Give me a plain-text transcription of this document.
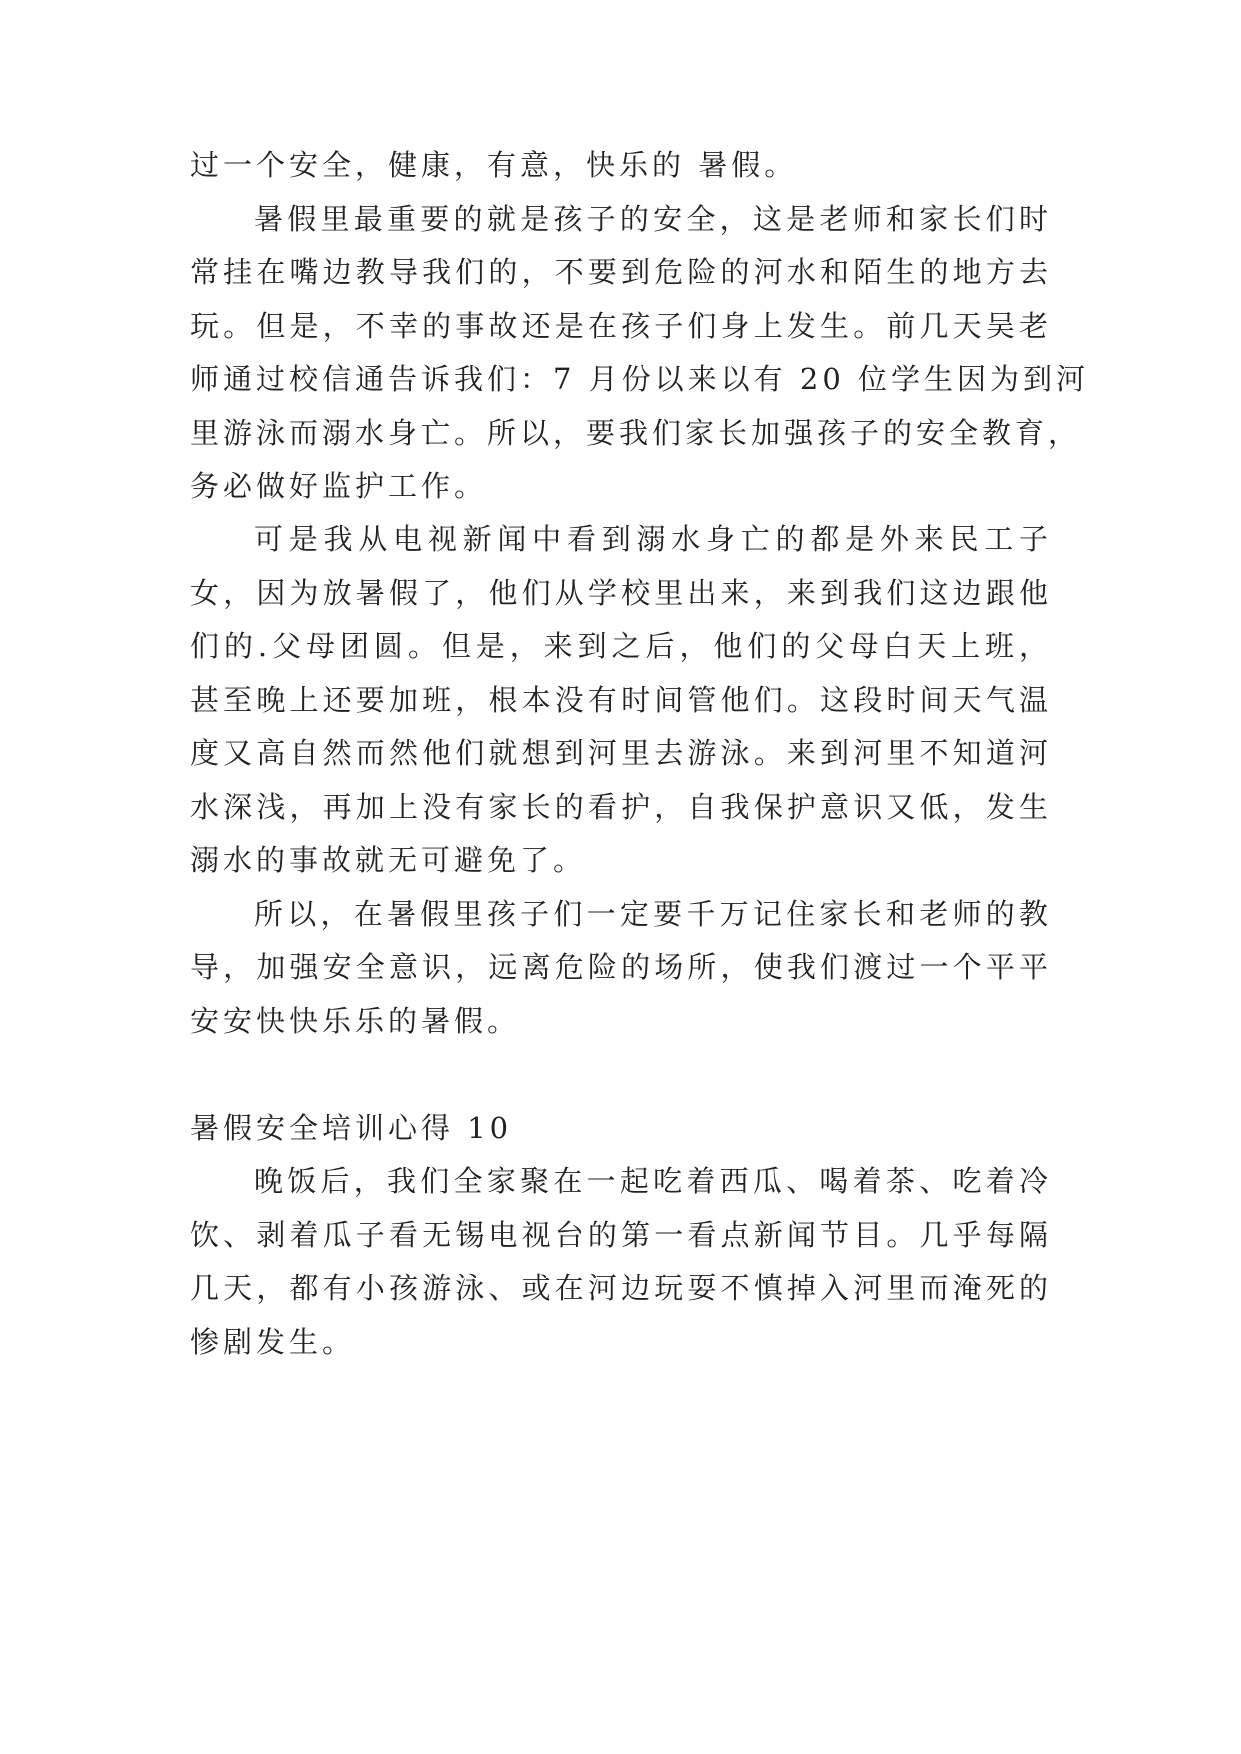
过一个安全，健康，有意，快乐的 暑假。
暑假里最重要的就是孩子的安全，这是老师和家长们时
常挂在嘴边教导我们的，不要到危险的河水和陌生的地方去
玩。但是，不幸的事故还是在孩子们身上发生。前几天吴老
师通过校信通告诉我们：7 月份以来以有 20 位学生因为到河
里游泳而溺水身亡。所以，要我们家长加强孩子的安全教育，
务必做好监护工作。
可是我从电视新闻中看到溺水身亡的都是外来民工子
女，因为放暑假了，他们从学校里出来，来到我们这边跟他
们的.父母团圆。但是，来到之后，他们的父母白天上班，
甚至晚上还要加班，根本没有时间管他们。这段时间天气温
度又高自然而然他们就想到河里去游泳。来到河里不知道河
水深浅，再加上没有家长的看护，自我保护意识又低，发生
溺水的事故就无可避免了。
所以，在暑假里孩子们一定要千万记住家长和老师的教
导，加强安全意识，远离危险的场所，使我们渡过一个平平
安安快快乐乐的暑假。
暑假安全培训心得 10
晚饭后，我们全家聚在一起吃着西瓜、喝着茶、吃着冷
饮、剥着瓜子看无锡电视台的第一看点新闻节目。几乎每隔
几天，都有小孩游泳、或在河边玩耍不慎掉入河里而淹死的
惨剧发生。
